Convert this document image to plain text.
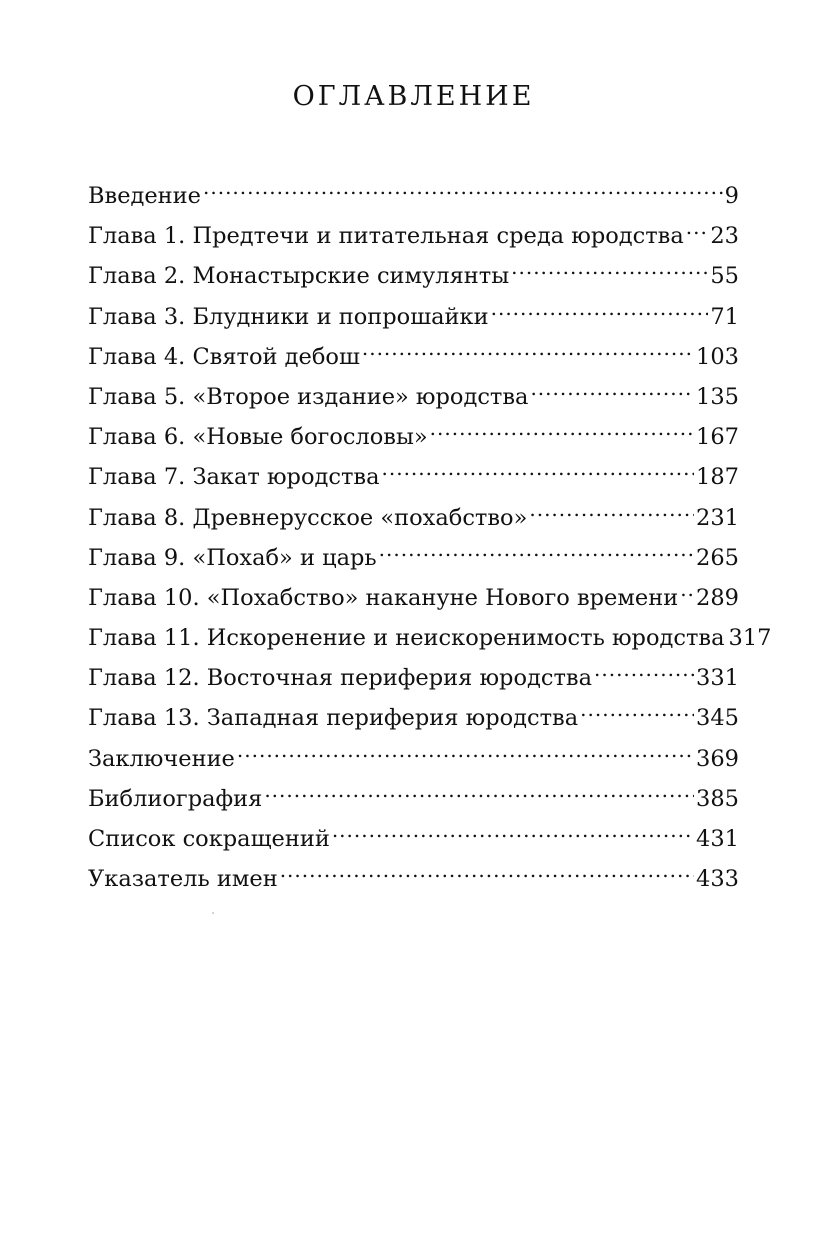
ОГЛАВЛЕНИЕ
Введение .....	9
Глава 1. Предтечи и питательная среда юродства ..... 23
Глава 2. Монастырские симулянты .....	55
Глава 3. Блудники и попрошайки .....	71
Глава 4. Святой дебош .....	103
Глава 5. «Второе издание» юродства .....	135
Глава 6. «Новые богословы» .....	167
Глава 7. Закат юродства .....	187
Глава 8. Древнерусское «похабство» .....	231
Глава 9. «Похаб» и царь .....	265
Глава 10. «Похабство» накануне Нового времени ..... 289
Глава 11. Искоренение и неискоренимость юродства 317
Глава 12. Восточная периферия юродства .....	331
Глава 13. Западная периферия юродства .....	345
Заключение .....	369
Библиография .....	385
Список сокращений .....	431
Указатель имен .....	433
